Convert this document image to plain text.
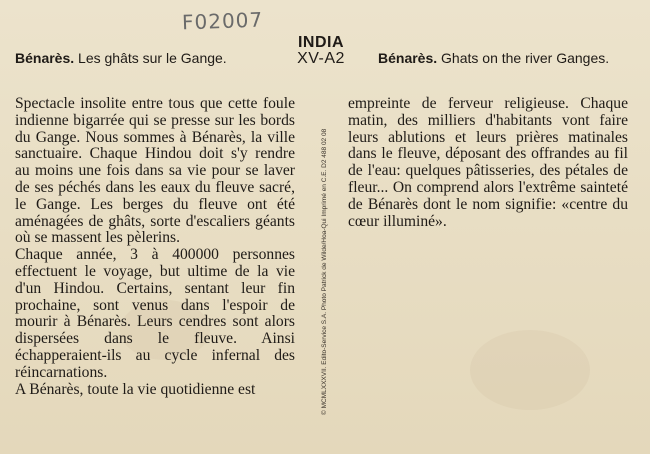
F02007
INDIA
XV-A2
Bénarès. Les ghâts sur le Gange.	Bénarès. Ghats on the river Ganges.

Spectacle insolite entre tous que cette foule indienne bigarrée qui se presse sur les bords du Gange. Nous sommes à Bénarès, la ville sanctuaire. Chaque Hindou doit s'y rendre au moins une fois dans sa vie pour se laver de ses péchés dans les eaux du fleuve sacré, le Gange. Les berges du fleuve ont été aménagées de ghâts, sorte d'escaliers géants où se massent les pèlerins.

Chaque année, 3 à 400000 personnes effectuent le voyage, but ultime de la vie d'un Hindou. Certains, sentant leur fin prochaine, sont venus dans l'espoir de mourir à Bénarès. Leurs cendres sont alors dispersées dans le fleuve. Ainsi échapperaient-ils au cycle infernal des réincarnations.

A Bénarès, toute la vie quotidienne est	© MCMLXXXVII. Edito-Service S.A. Photo Patrick de Wilde/Hoa-Qui Imprimé en C.E. D2 488 02 08

empreinte de ferveur religieuse. Chaque matin, des milliers d'habitants vont faire leurs ablutions et leurs prières matinales dans le fleuve, déposant des offrandes au fil de l'eau: quelques pâtisseries, des pétales de fleur... On comprend alors l'extrême sainteté de Bénarès dont le nom signifie: «centre du cœur illuminé».
